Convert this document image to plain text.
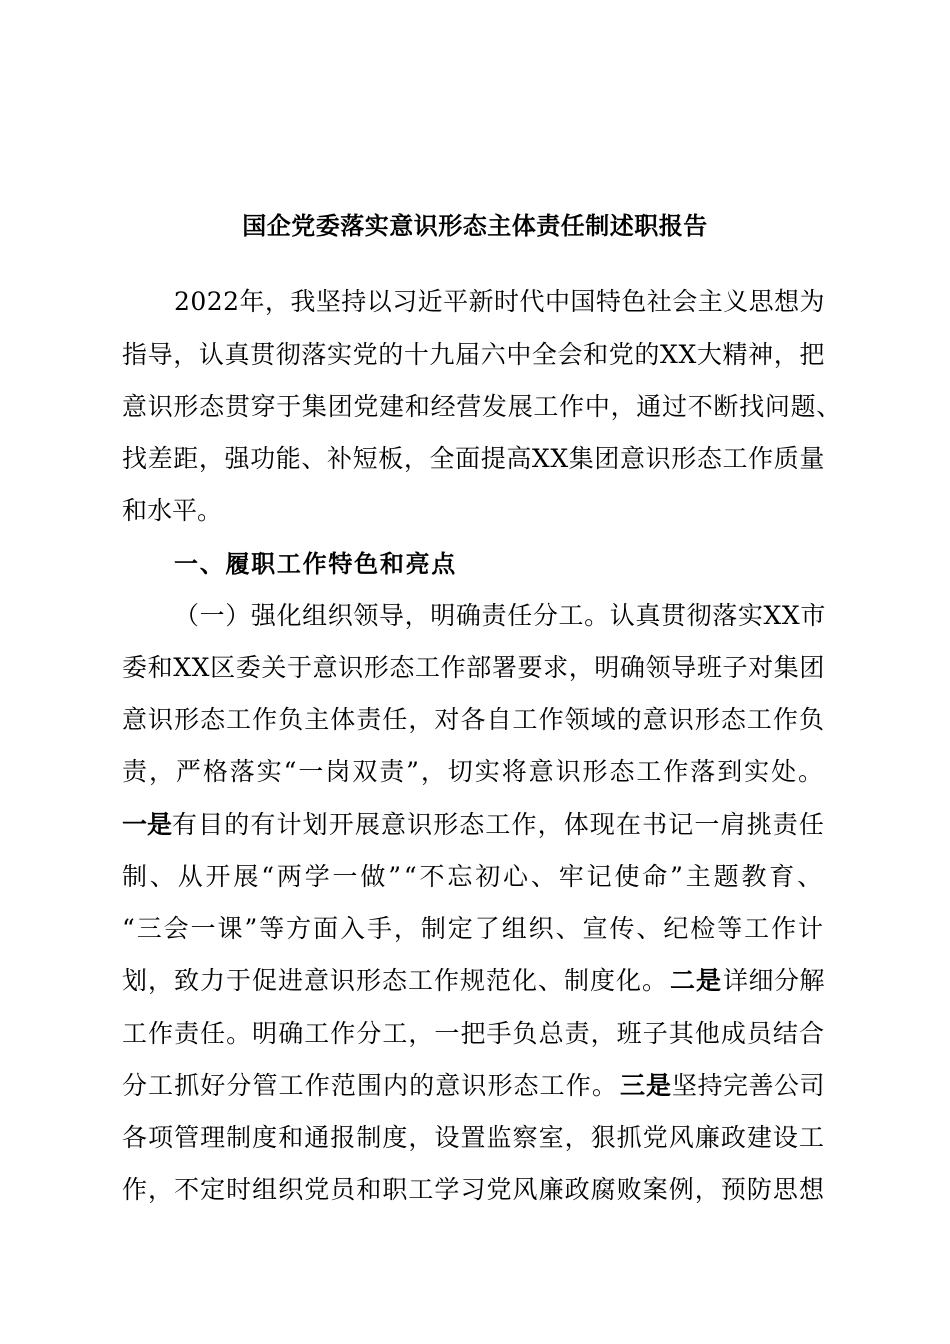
国企党委落实意识形态主体责任制述职报告
2022年，我坚持以习近平新时代中国特色社会主义思想为
指导，认真贯彻落实党的十九届六中全会和党的XX大精神，把
意识形态贯穿于集团党建和经营发展工作中，通过不断找问题、
找差距，强功能、补短板，全面提高XX集团意识形态工作质量
和水平。
一、履职工作特色和亮点
（一）强化组织领导，明确责任分工。认真贯彻落实XX市
委和XX区委关于意识形态工作部署要求，明确领导班子对集团
意识形态工作负主体责任，对各自工作领域的意识形态工作负
责，严格落实“一岗双责”，切实将意识形态工作落到实处。
一是 有目的有计划开展意识形态工作，体现在书记一肩挑责任
制、从开展“两学一做”“不忘初心、牢记使命”主题教育、
“三会一课”等方面入手，制定了组织、宣传、纪检等工作计
划，致力于促进意识形态工作规范化、制度化。 二是 详细分解
工作责任。明确工作分工，一把手负总责，班子其他成员结合
分工抓好分管工作范围内的意识形态工作。 三是 坚持完善公司
各项管理制度和通报制度，设置监察室，狠抓党风廉政建设工
作，不定时组织党员和职工学习党风廉政腐败案例，预防思想
